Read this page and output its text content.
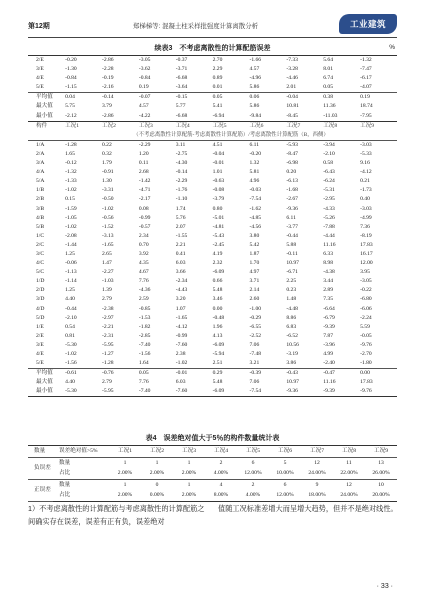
第12期	郑梯梯等: 混凝土柱采样批强度计算离散分析	工业建筑
续表3　不考虑离散性的计算配筋误差	%
2/E	-0.20	-2.86	-3.05	-0.37	2.70	-1.66	-7.33	5.64	-1.32
3/E	-1.30	-2.28	-3.62	-3.71	2.29	4.57	-3.28	8.01	-7.47
4/E	-0.84	-0.19	-0.84	-6.68	0.89	-4.96	-4.46	6.74	-6.17
5/E	-1.15	-2.16	0.19	-3.64	0.01	5.86	2.01	0.05	-4.07
平均值	0.04	-0.14	-0.07	-0.15	0.05	0.06	-0.04	0.38	0.19
最大值	5.75	3.79	4.57	5.77	5.41	5.86	10.81	11.36	18.74
最小值	-2.12	-2.86	-4.22	-6.68	-6.94	-9.84	-8.45	-11.03	-7.95
构件	工况1	工况2	工况3	工况4	工况5	工况6	工况7	工况8	工况9
	（不考虑离散性计算配筋-考虑离散性计算配筋）/考虑离散性计算配筋（B，西侧）								
1/A	-1.28	0.22	-2.29	3.11	4.51	6.11	-5.93	-3.94	-3.03
2/A	1.65	0.32	1.20	-2.75	-0.04	-0.20	-8.47	-2.10	-5.33
3/A	-0.12	1.79	0.11	-4.30	-0.01	1.32	-6.98	0.58	9.16
4/A	-1.32	-0.91	2.68	-0.14	1.01	5.81	0.20	-6.43	-4.12
5/A	-1.33	1.30	-1.42	-2.29	-0.63	4.96	-6.13	-6.24	0.21
1/B	-1.02	-3.31	-4.71	-1.76	-0.08	-0.03	-1.68	-5.31	-1.73
2/B	0.15	-0.50	-2.17	-1.10	-3.79	-7.54	-2.67	-2.95	0.40
3/B	-1.59	-1.02	0.08	1.74	0.80	-1.62	-9.36	-4.33	-3.03
4/B	-1.05	-0.56	-0.99	5.76	-5.01	-4.85	6.11	-5.26	-4.99
5/B	-1.02	-1.52	-0.57	2.07	-4.81	-4.56	-3.77	-7.88	7.36
1/C	-2.08	-3.13	2.34	-1.55	-5.43	3.80	-0.44	-4.44	-8.19
2/C	-1.44	-1.65	0.70	2.21	-2.45	5.42	5.88	11.16	17.83
3/C	1.25	2.65	3.92	0.41	4.19	1.87	-0.11	6.33	16.17
4/C	-0.06	1.47	4.35	6.03	2.32	1.70	10.97	8.98	12.00
5/C	-1.13	-2.27	4.67	3.66	-6.09	4.97	-6.71	-4.38	3.95
1/D	-1.14	-1.03	7.76	-2.34	0.66	3.71	2.25	3.44	-3.05
2/D	1.25	1.39	-4.36	-4.43	5.48	2.14	0.23	2.89	-0.22
3/D	4.40	2.79	2.59	3.20	3.46	2.60	1.48	7.35	-6.80
4/D	-0.44	-2.38	-0.85	1.07	0.00	-1.00	-4.48	-6.64	-6.06
5/D	-2.10	-2.97	-1.53	-1.65	-0.48	-0.29	8.86	-6.79	-2.24
1/E	0.54	-2.21	-1.82	-4.12	1.96	-6.55	6.83	-9.39	5.59
2/E	0.81	-2.31	-2.85	-0.99	4.13	-2.52	-6.52	7.87	-0.05
3/E	-5.30	-5.95	-7.40	-7.60	-6.09	7.06	10.56	-3.96	-9.76
4/E	-1.02	-1.27	-1.56	2.38	-5.94	-7.48	-3.19	4.99	-2.70
5/E	-1.56	-1.28	1.64	-1.02	2.51	3.21	3.86	-2.40	-1.80
平均值	-0.61	-0.76	0.05	-0.01	0.29	-0.39	-0.43	-0.47	0.00
最大值	4.40	2.79	7.76	6.03	5.48	7.06	10.97	11.16	17.83
最小值	-5.30	-5.95	-7.40	-7.60	-6.09	-7.54	-9.36	-9.39	-9.76
表4　误差绝对值大于5％的构件数量统计表
数量	误差绝对值>5%	工况1	工况2	工况3	工况4	工况5	工况6	工况7	工况8	工况9
负误差	数量	1	1	1	2	6	5	12	11	13
	占比	2.00%	2.00%	2.00%	4.00%	12.00%	10.00%	24.00%	22.00%	26.00%
正误差	数量	1	0	1	4	2	6	9	12	10
	占比	2.00%	0.00%	2.00%	8.00%	4.00%	12.00%	18.00%	24.00%	20.00%
1）不考虑离散性的计算配筋与考虑离散性的计算配筋之间确实存在误差，误差有正有负，误差绝对
值随工况标准差增大而呈增大趋势，但并不是绝对线性。
· 33 ·
